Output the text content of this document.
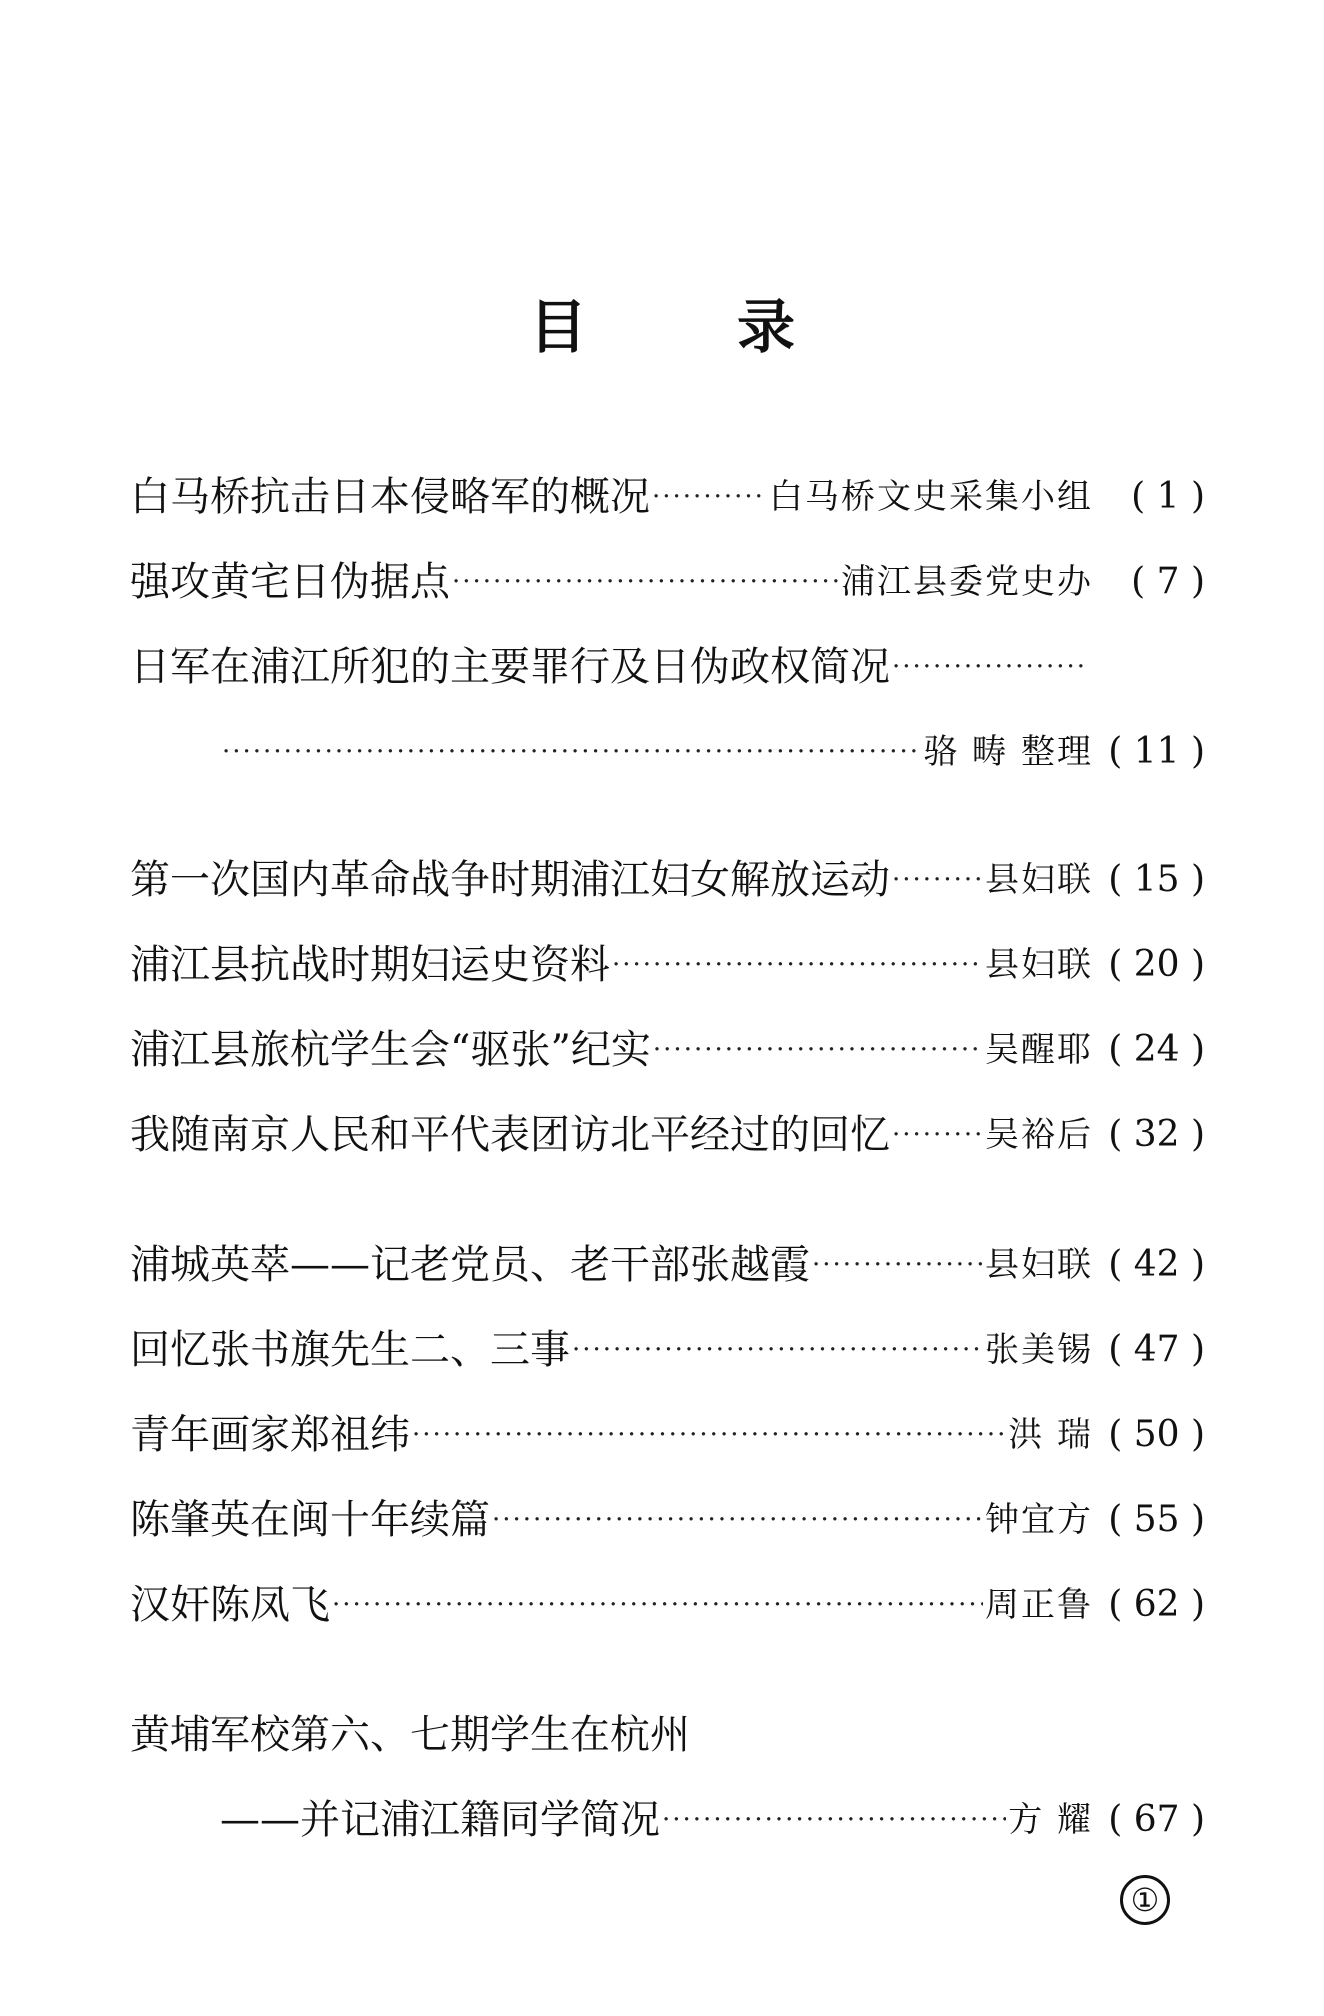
目	录
白马桥抗击日本侵略军的概况 ·····	白马桥文史采集小组	( 1 )
强攻黄宅日伪据点 ·····	浦江县委党史办	( 7 )
日军在浦江所犯的主要罪行及日伪政权简况
·····
·····
骆 畴 整理 ( 11 )
第一次国内革命战争时期浦江妇女解放运动 ·····	县妇联 ( 15 )
浦江县抗战时期妇运史资料 ·····	县妇联 ( 20 )
浦江县旅杭学生会“驱张”纪实 ·····	吴醒耶 ( 24 )
我随南京人民和平代表团访北平经过的回忆 ·····	吴裕后 ( 32 )
浦城英萃——记老党员、老干部张越霞 ·····	县妇联 ( 42 )
回忆张书旗先生二、三事 ·····	张美锡 ( 47 )
青年画家郑祖纬 ·····	洪 瑞 ( 50 )
陈肇英在闽十年续篇 ·····	钟宜方 ( 55 )
汉奸陈凤飞 ·····	周正鲁 ( 62 )
黄埔军校第六、七期学生在杭州
——并记浦江籍同学简况 ·····	方 耀 ( 67 )
①
